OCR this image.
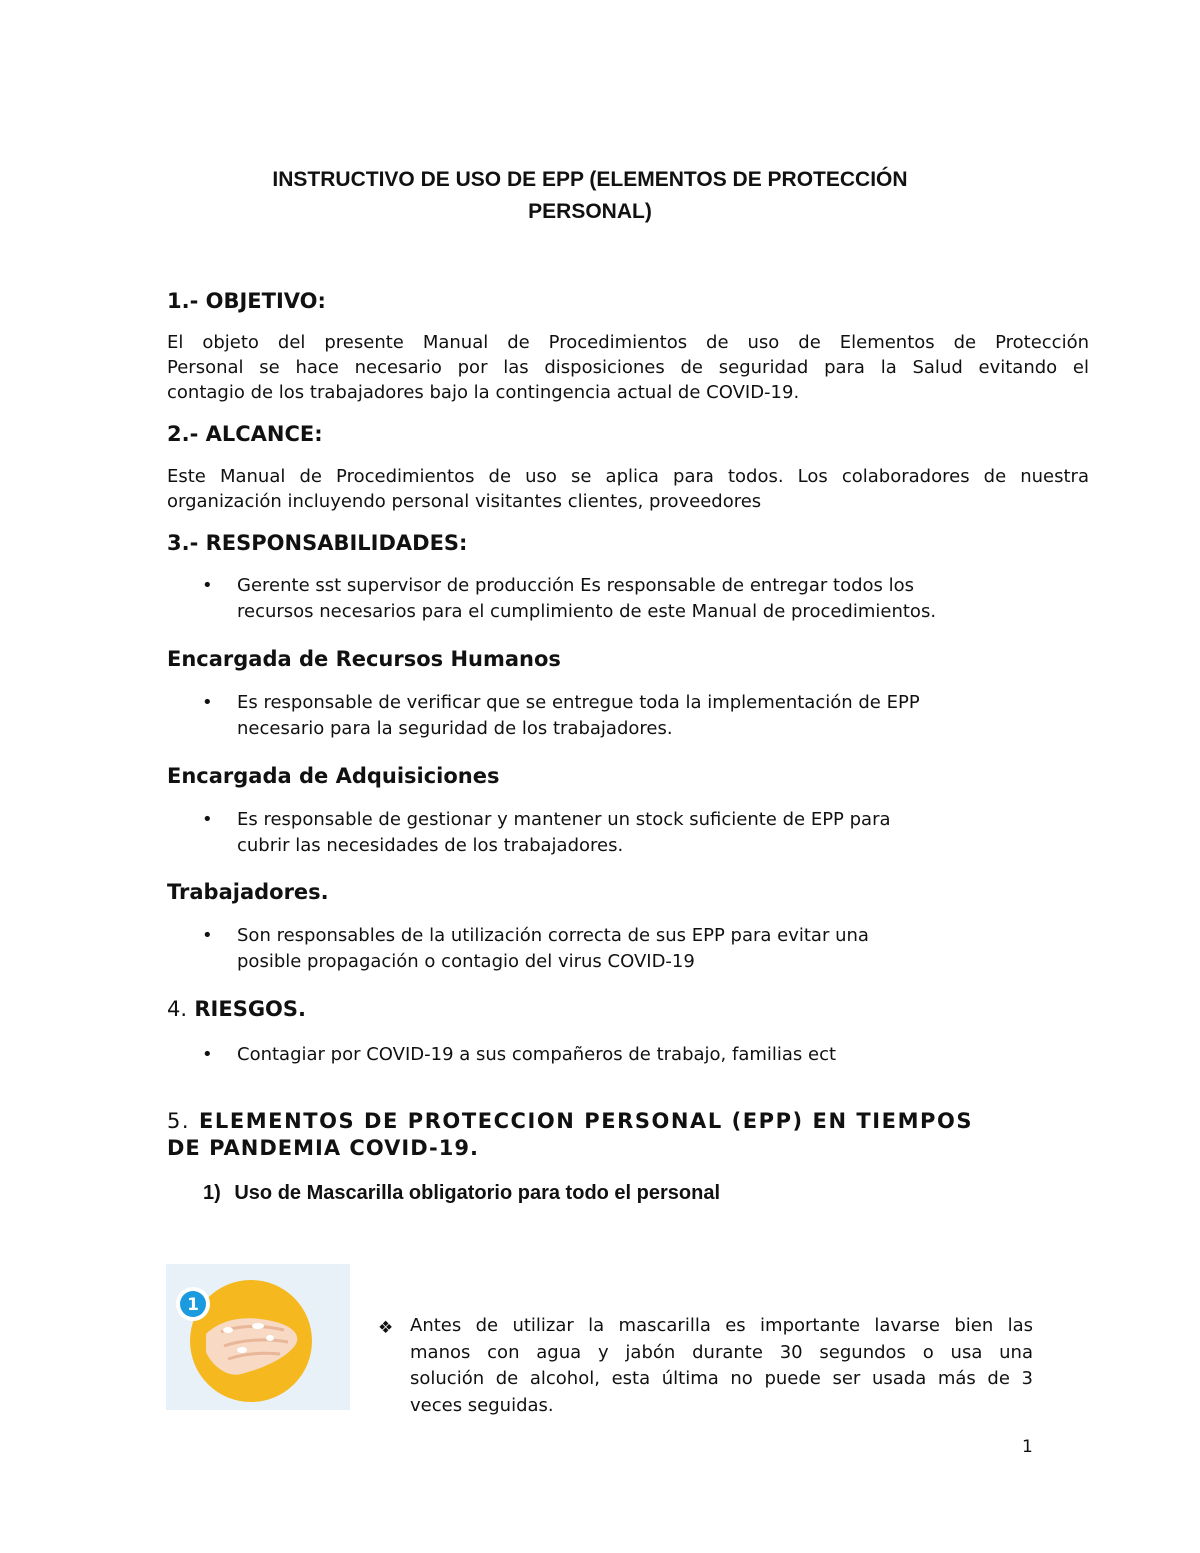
INSTRUCTIVO DE USO DE EPP (ELEMENTOS DE PROTECCIÓN
PERSONAL)
1.- OBJETIVO:
El objeto del presente Manual de Procedimientos de uso de Elementos de Protección
Personal se hace necesario por las disposiciones de seguridad para la Salud evitando el
contagio de los trabajadores bajo la contingencia actual de COVID-19.
2.- ALCANCE:
Este Manual de Procedimientos de uso se aplica para todos. Los colaboradores de nuestra
organización incluyendo personal visitantes clientes, proveedores
3.- RESPONSABILIDADES:
• Gerente sst supervisor de producción Es responsable de entregar todos los
recursos necesarios para el cumplimiento de este Manual de procedimientos.
Encargada de Recursos Humanos
• Es responsable de verificar que se entregue toda la implementación de EPP
necesario para la seguridad de los trabajadores.
Encargada de Adquisiciones
• Es responsable de gestionar y mantener un stock suficiente de EPP para
cubrir las necesidades de los trabajadores.
Trabajadores.
• Son responsables de la utilización correcta de sus EPP para evitar una
posible propagación o contagio del virus COVID-19
4. RIESGOS.
• Contagiar por COVID-19 a sus compañeros de trabajo, familias ect
5. ELEMENTOS DE PROTECCION PERSONAL (EPP) EN TIEMPOS
DE PANDEMIA COVID-19.
1) Uso de Mascarilla obligatorio para todo el personal
1
❖ Antes de utilizar la mascarilla es importante lavarse bien las
manos con agua y jabón durante 30 segundos o usa una
solución de alcohol, esta última no puede ser usada más de 3
veces seguidas.
1
